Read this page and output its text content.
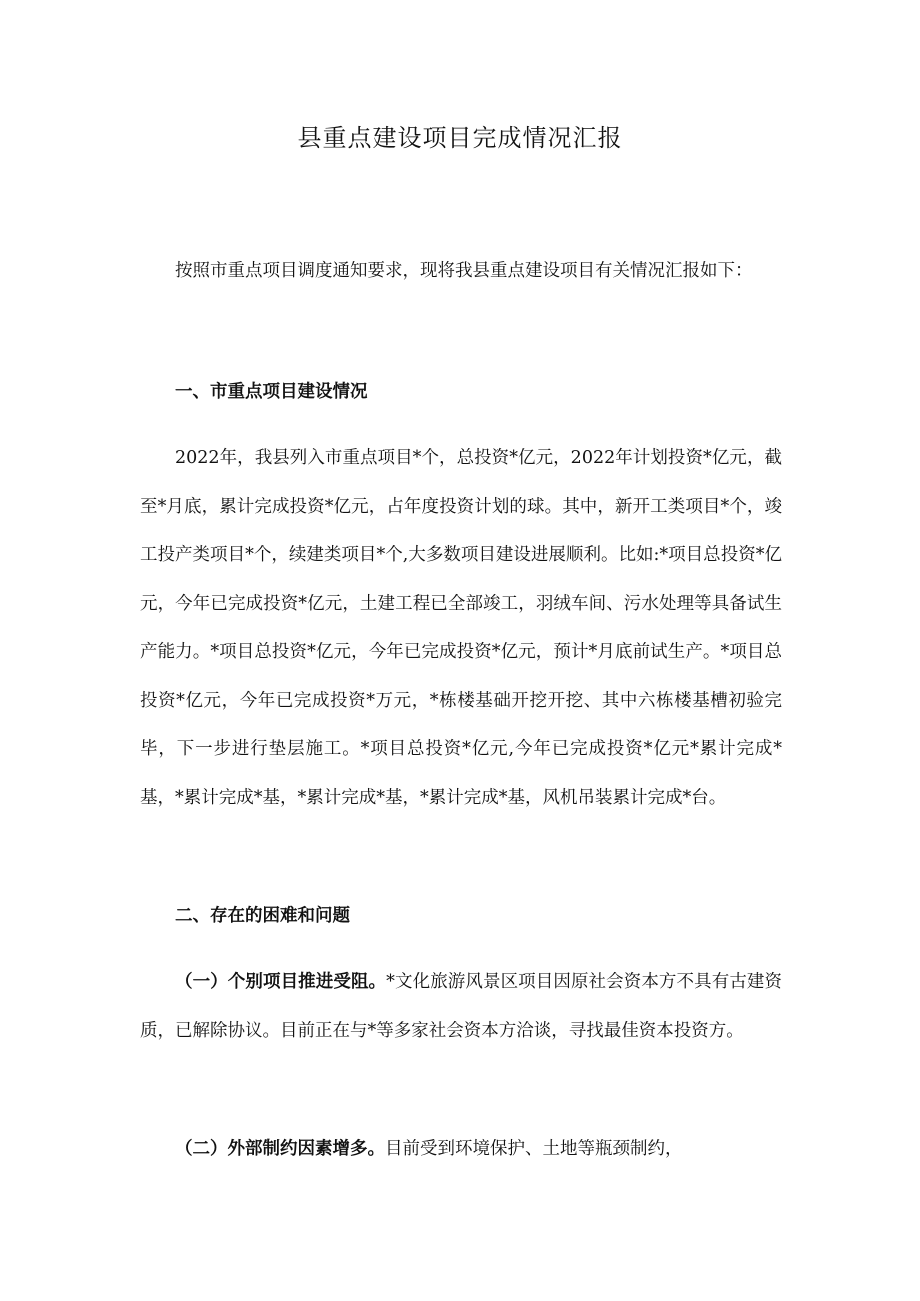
县重点建设项目完成情况汇报

按照市重点项目调度通知要求，现将我县重点建设项目有关情况汇报如下：

一、市重点项目建设情况

2022年，我县列入市重点项目*个，总投资*亿元，2022年计划投资*亿元，截至*月底，累计完成投资*亿元，占年度投资计划的球。其中，新开工类项目*个，竣工投产类项目*个，续建类项目*个,大多数项目建设进展顺利。比如:*项目总投资*亿元，今年已完成投资*亿元，土建工程已全部竣工，羽绒车间、污水处理等具备试生产能力。*项目总投资*亿元，今年已完成投资*亿元，预计*月底前试生产。*项目总投资*亿元，今年已完成投资*万元，*栋楼基础开挖开挖、其中六栋楼基槽初验完毕，下一步进行垫层施工。*项目总投资*亿元,今年已完成投资*亿元*累计完成*基，*累计完成*基，*累计完成*基，*累计完成*基，风机吊装累计完成*台。

二、存在的困难和问题

（一）个别项目推进受阻。*文化旅游风景区项目因原社会资本方不具有古建资质，已解除协议。目前正在与*等多家社会资本方洽谈，寻找最佳资本投资方。

（二）外部制约因素增多。目前受到环境保护、土地等瓶颈制约，
